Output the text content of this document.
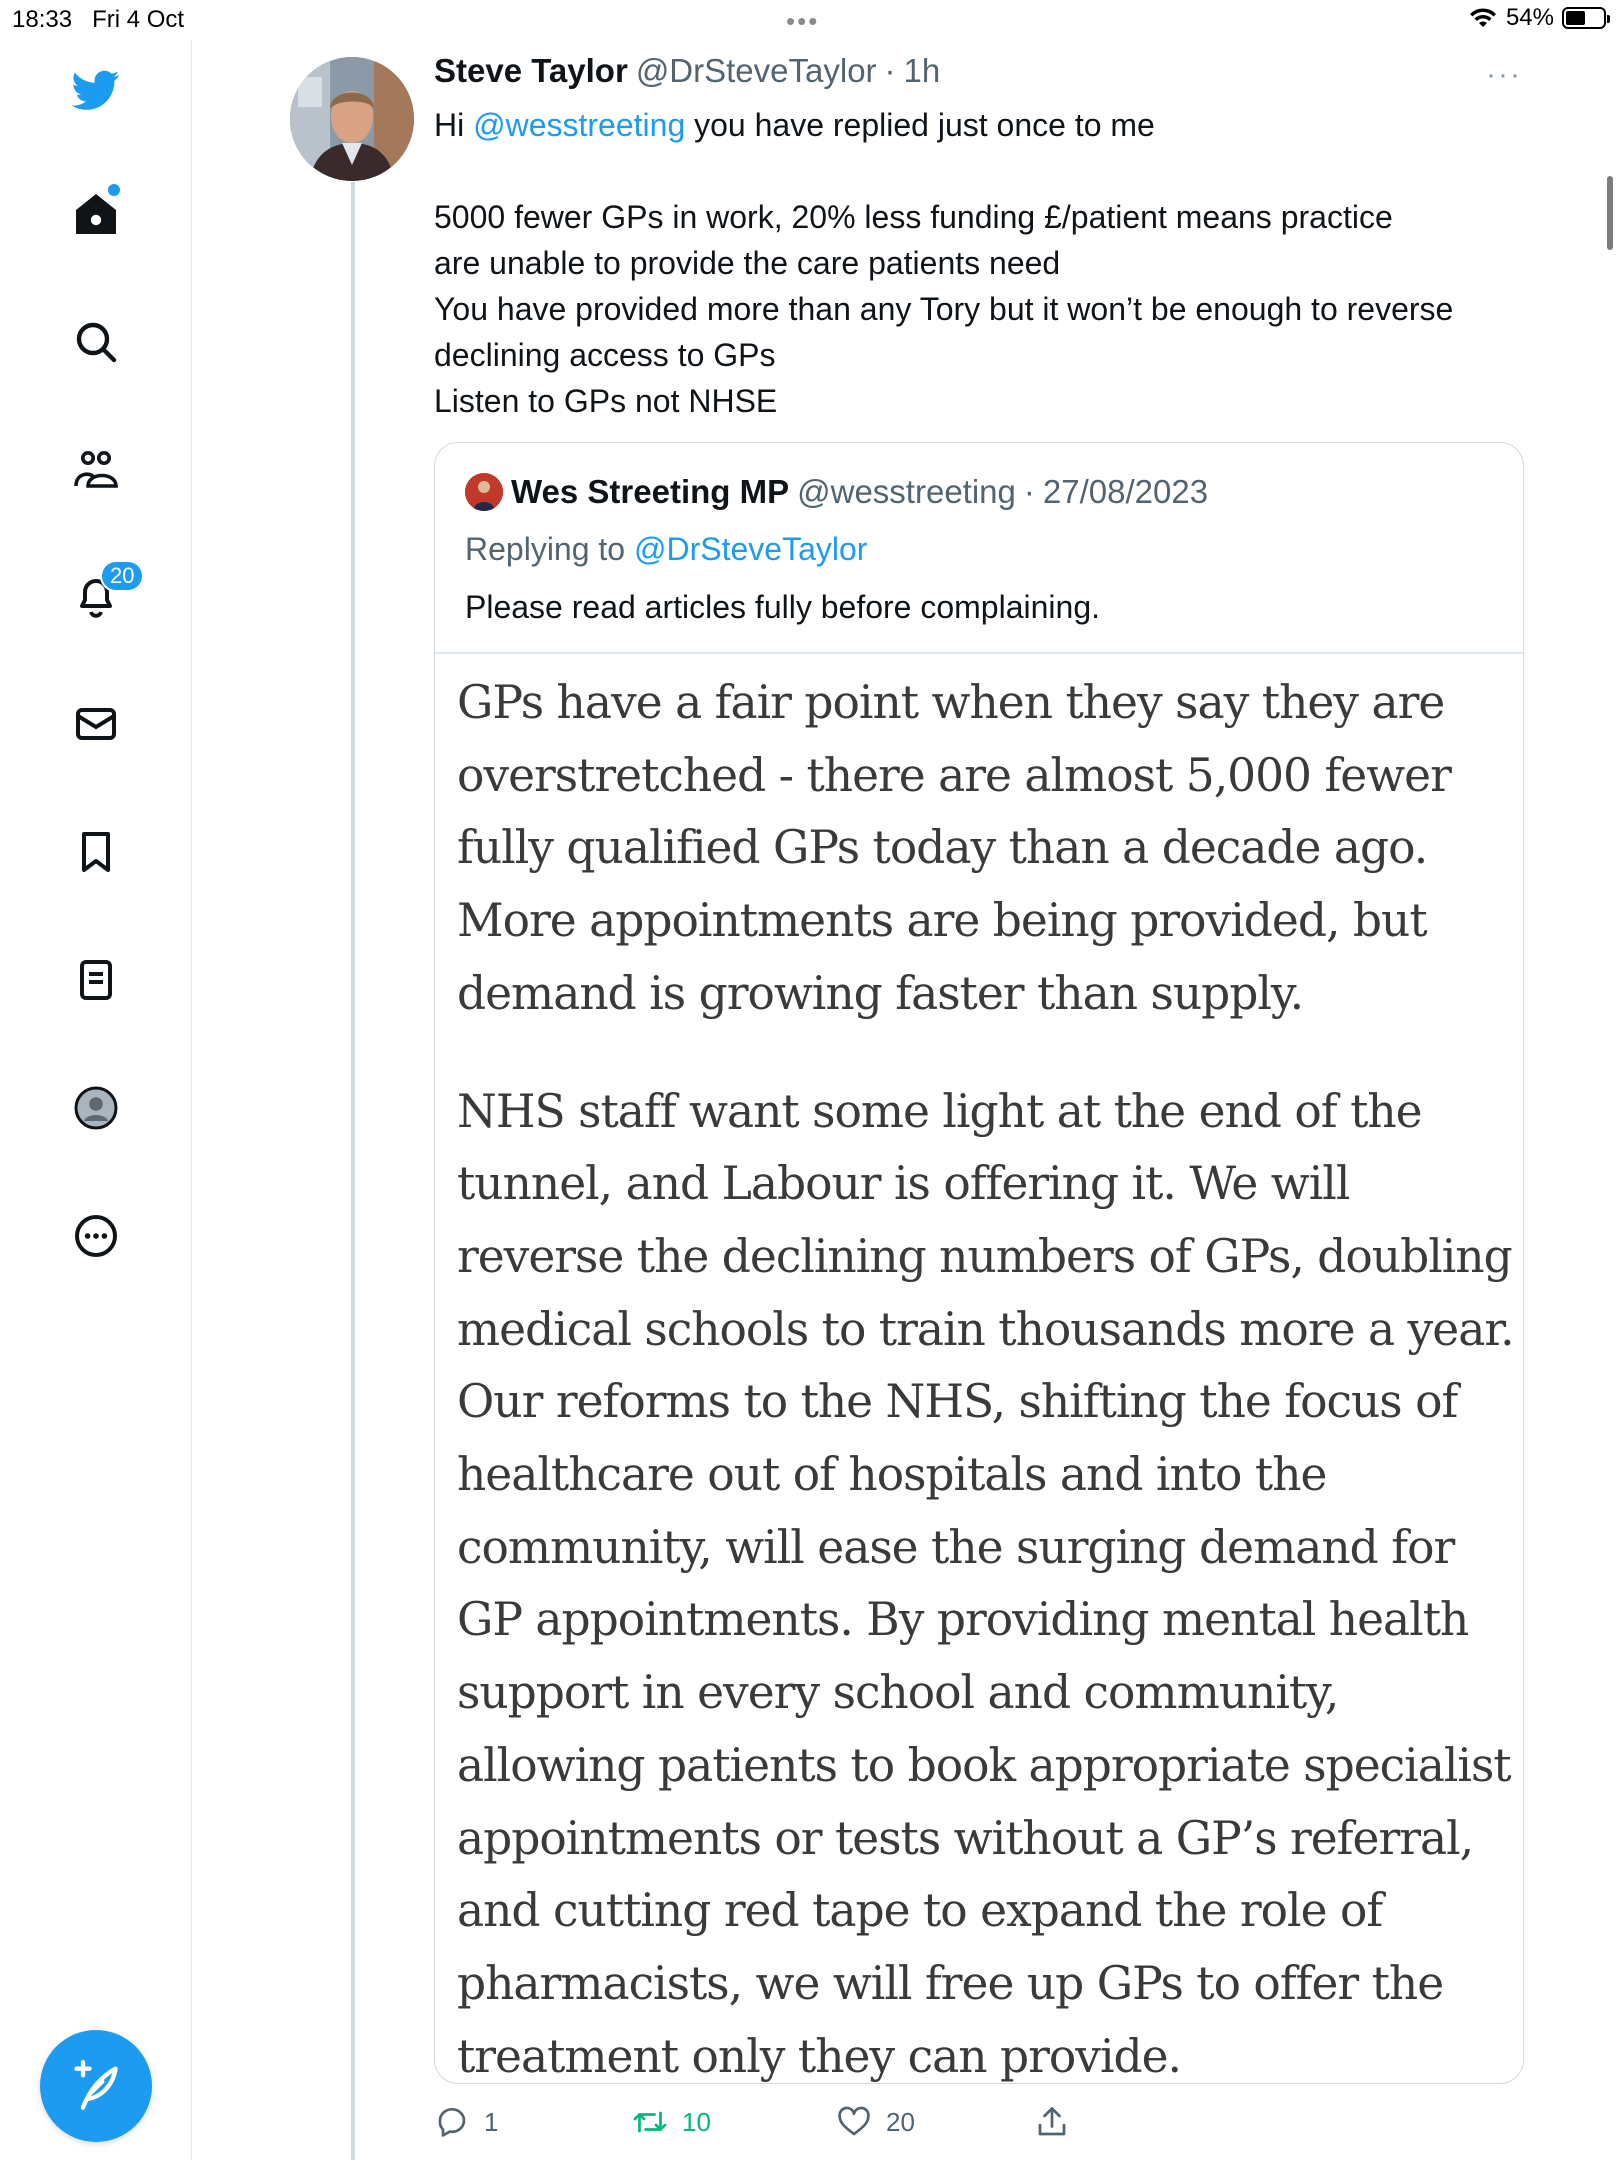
18:33 Fri 4 Oct	•••	54%
20
Steve Taylor @DrSteveTaylor · 1h	···

Hi @wesstreeting you have replied just once to me

5000 fewer GPs in work, 20% less funding £/patient means practice

are unable to provide the care patients need

You have provided more than any Tory but it won’t be enough to reverse

declining access to GPs

Listen to GPs not NHSE

Wes Streeting MP @wesstreeting · 27/08/2023
Replying to @DrSteveTaylor
Please read articles fully before complaining.

GPs have a fair point when they say they are overstretched - there are almost 5,000 fewer fully qualified GPs today than a decade ago. More appointments are being provided, but demand is growing faster than supply.

NHS staff want some light at the end of the tunnel, and Labour is offering it. We will reverse the declining numbers of GPs, doubling medical schools to train thousands more a year. Our reforms to the NHS, shifting the focus of healthcare out of hospitals and into the community, will ease the surging demand for GP appointments. By providing mental health support in every school and community, allowing patients to book appropriate specialist appointments or tests without a GP’s referral, and cutting red tape to expand the role of pharmacists, we will free up GPs to offer the treatment only they can provide.

1	10	20
